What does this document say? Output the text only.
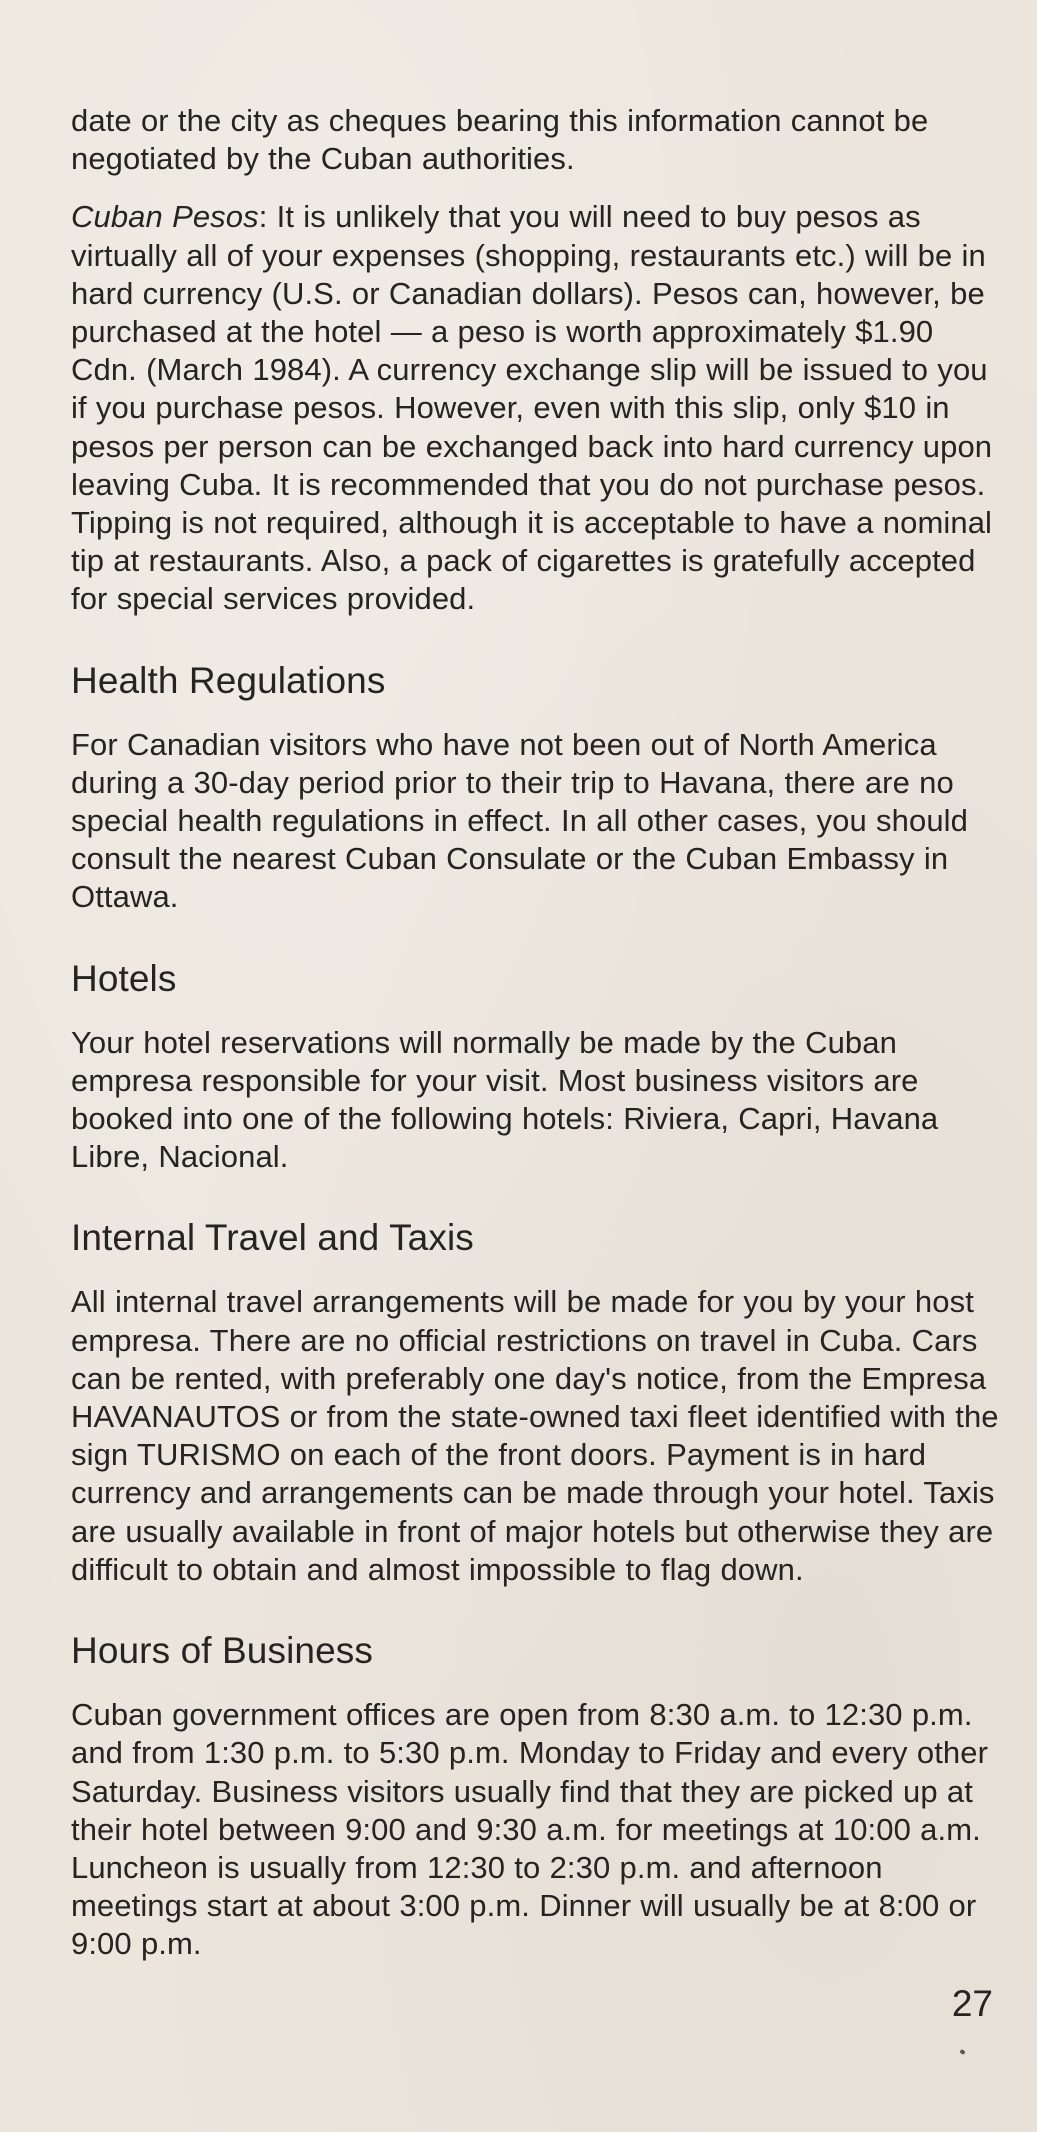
date or the city as cheques bearing this information cannot be negotiated by the Cuban authorities.

Cuban Pesos: It is unlikely that you will need to buy pesos as virtually all of your expenses (shopping, restaurants etc.) will be in hard currency (U.S. or Canadian dollars). Pesos can, however, be purchased at the hotel — a peso is worth approximately $1.90 Cdn. (March 1984). A currency exchange slip will be issued to you if you purchase pesos. However, even with this slip, only $10 in pesos per person can be exchanged back into hard currency upon leaving Cuba. It is recommended that you do not purchase pesos. Tipping is not required, although it is acceptable to have a nominal tip at restaurants. Also, a pack of cigarettes is gratefully accepted for special services provided.

Health Regulations

For Canadian visitors who have not been out of North America during a 30-day period prior to their trip to Havana, there are no special health regulations in effect. In all other cases, you should consult the nearest Cuban Consulate or the Cuban Embassy in Ottawa.

Hotels

Your hotel reservations will normally be made by the Cuban empresa responsible for your visit. Most business visitors are booked into one of the following hotels: Riviera, Capri, Havana Libre, Nacional.

Internal Travel and Taxis

All internal travel arrangements will be made for you by your host empresa. There are no official restrictions on travel in Cuba. Cars can be rented, with preferably one day's notice, from the Empresa HAVANAUTOS or from the state-owned taxi fleet identified with the sign TURISMO on each of the front doors. Payment is in hard currency and arrangements can be made through your hotel. Taxis are usually available in front of major hotels but otherwise they are difficult to obtain and almost impossible to flag down.

Hours of Business

Cuban government offices are open from 8:30 a.m. to 12:30 p.m. and from 1:30 p.m. to 5:30 p.m. Monday to Friday and every other Saturday. Business visitors usually find that they are picked up at their hotel between 9:00 and 9:30 a.m. for meetings at 10:00 a.m. Luncheon is usually from 12:30 to 2:30 p.m. and afternoon meetings start at about 3:00 p.m. Dinner will usually be at 8:00 or 9:00 p.m.

27
